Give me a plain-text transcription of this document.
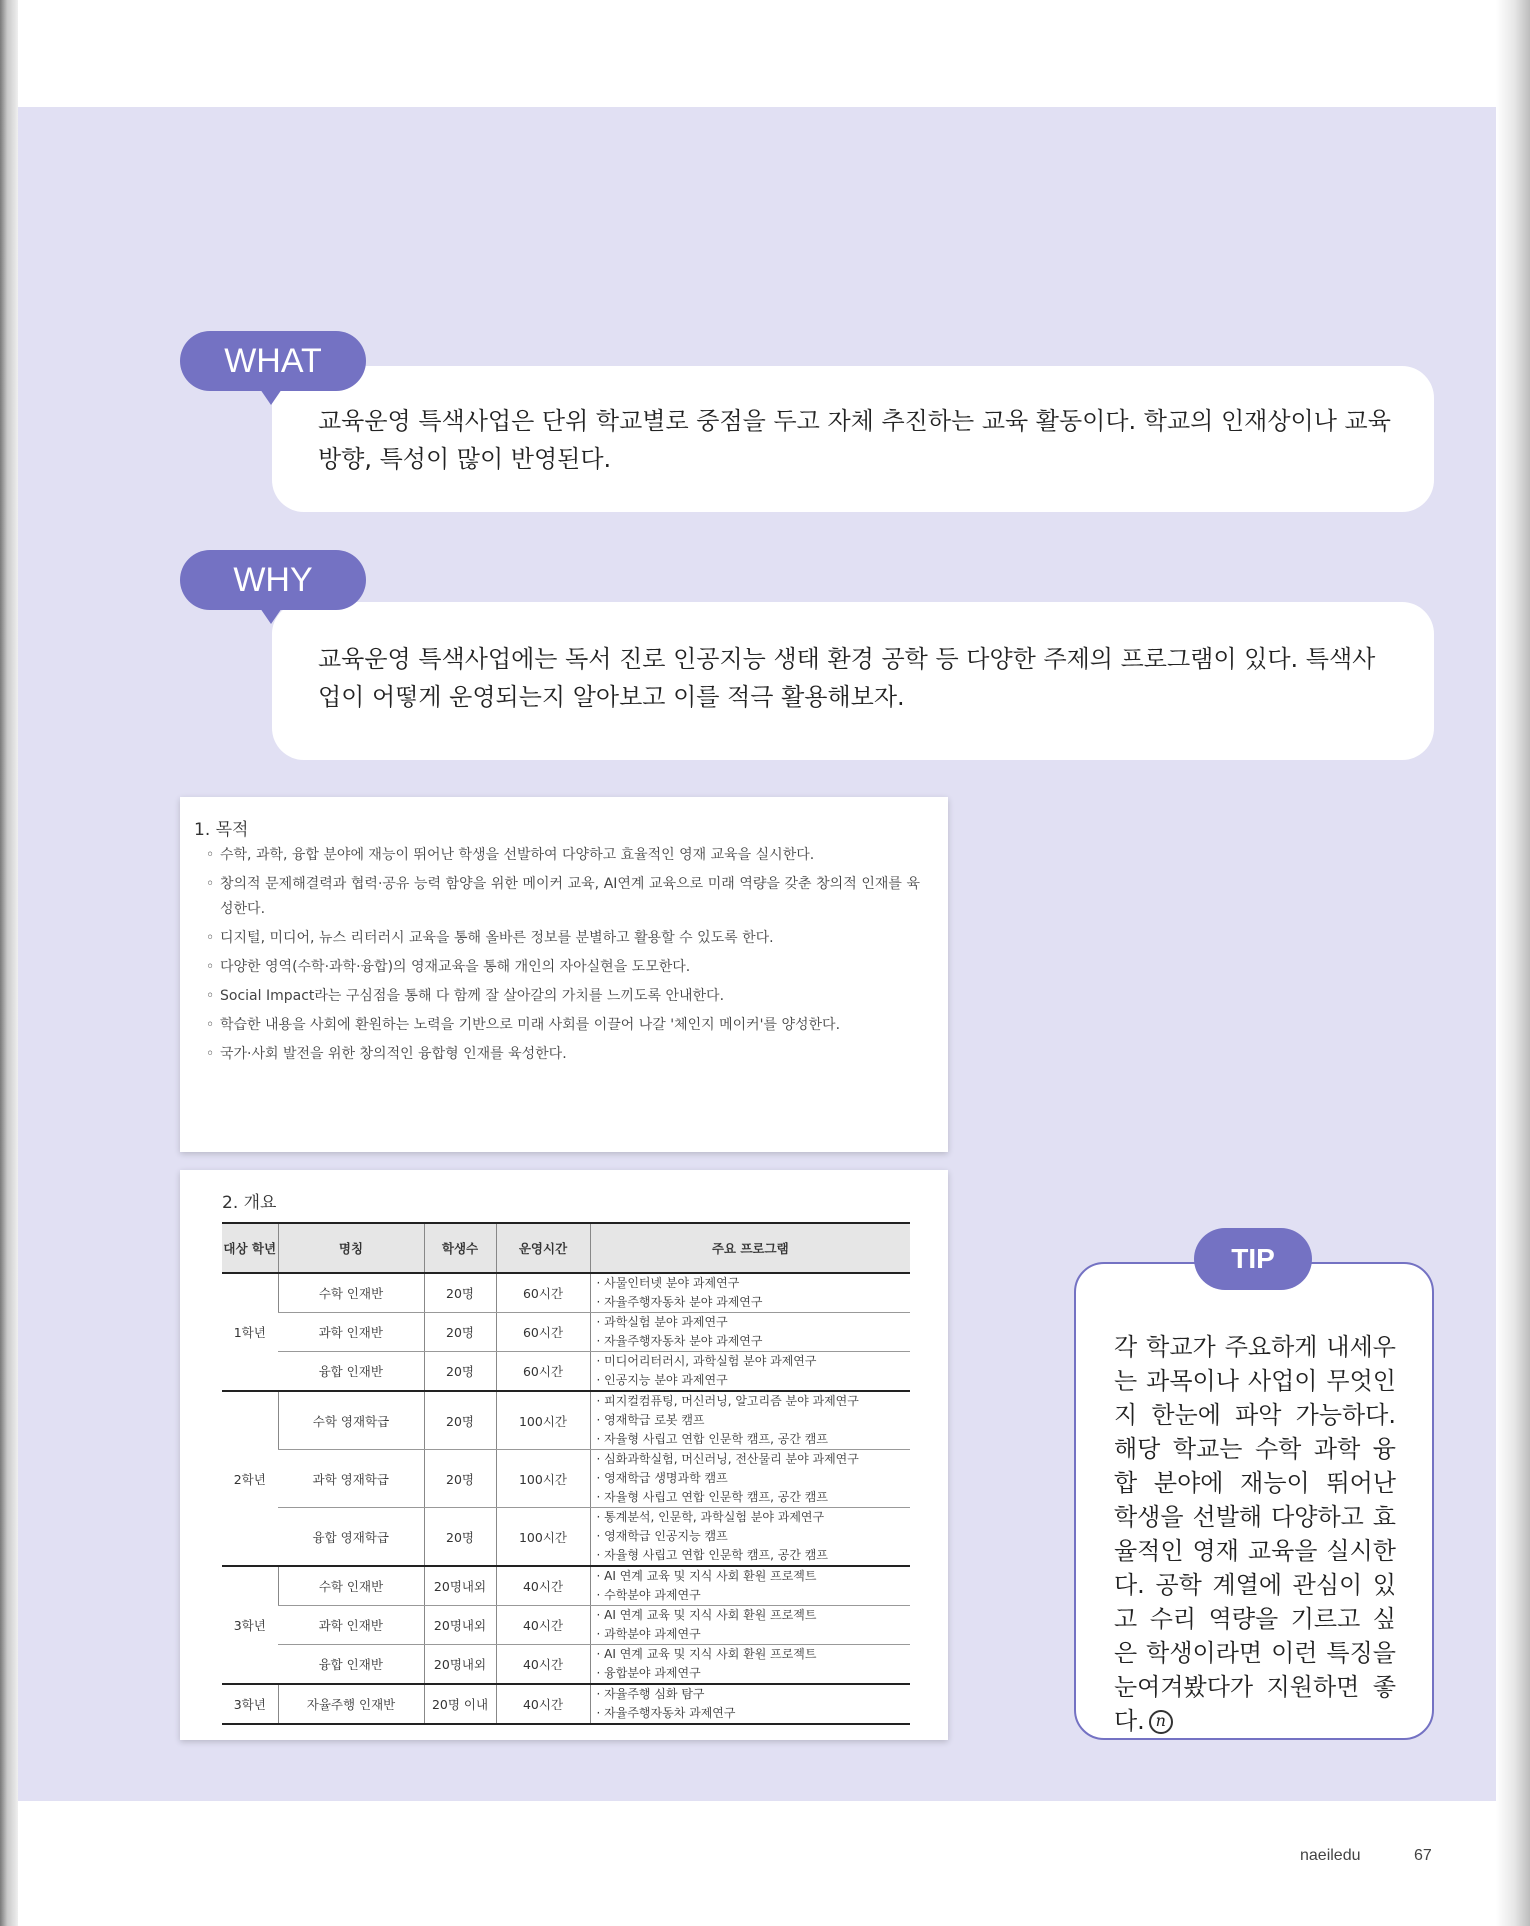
WHAT

교육운영 특색사업은 단위 학교별로 중점을 두고 자체 추진하는 교육 활동이다. 학교의 인재상이나 교육 방향, 특성이 많이 반영된다.

WHY

교육운영 특색사업에는 독서 진로 인공지능 생태 환경 공학 등 다양한 주제의 프로그램이 있다. 특색사업이 어떻게 운영되는지 알아보고 이를 적극 활용해보자.

1. 목적
◦ 수학, 과학, 융합 분야에 재능이 뛰어난 학생을 선발하여 다양하고 효율적인 영재 교육을 실시한다.
◦ 창의적 문제해결력과 협력·공유 능력 함양을 위한 메이커 교육, AI연계 교육으로 미래 역량을 갖춘 창의적 인재를 육성한다.
◦ 디지털, 미디어, 뉴스 리터러시 교육을 통해 올바른 정보를 분별하고 활용할 수 있도록 한다.
◦ 다양한 영역(수학·과학·융합)의 영재교육을 통해 개인의 자아실현을 도모한다.
◦ Social Impact라는 구심점을 통해 다 함께 잘 살아갈의 가치를 느끼도록 안내한다.
◦ 학습한 내용을 사회에 환원하는 노력을 기반으로 미래 사회를 이끌어 나갈 '체인지 메이커'를 양성한다.
◦ 국가·사회 발전을 위한 창의적인 융합형 인재를 육성한다.
2. 개요
대상 학년	명칭	학생수	운영시간	주요 프로그램
1학년	수학 인재반	20명	60시간	· 사물인터넷 분야 과제연구
· 자율주행자동차 분야 과제연구

	과학 인재반	20명	60시간	· 과학실험 분야 과제연구
· 자율주행자동차 분야 과제연구

	융합 인재반	20명	60시간	· 미디어리터러시, 과학실험 분야 과제연구
· 인공지능 분야 과제연구

2학년	수학 영재학급	20명	100시간	· 피지컬컴퓨팅, 머신러닝, 알고리즘 분야 과제연구
· 영재학급 로봇 캠프
· 자율형 사립고 연합 인문학 캠프, 공간 캠프

	과학 영재학급	20명	100시간	· 심화과학실험, 머신러닝, 전산물리 분야 과제연구
· 영재학급 생명과학 캠프
· 자율형 사립고 연합 인문학 캠프, 공간 캠프

	융합 영재학급	20명	100시간	· 통계분석, 인문학, 과학실험 분야 과제연구
· 영재학급 인공지능 캠프
· 자율형 사립고 연합 인문학 캠프, 공간 캠프

3학년	수학 인재반	20명내외	40시간	· AI 연계 교육 및 지식 사회 환원 프로젝트
· 수학분야 과제연구

	과학 인재반	20명내외	40시간	· AI 연계 교육 및 지식 사회 환원 프로젝트
· 과학분야 과제연구

	융합 인재반	20명내외	40시간	· AI 연계 교육 및 지식 사회 환원 프로젝트
· 융합분야 과제연구

3학년	자율주행 인재반	20명 이내	40시간	· 자율주행 심화 탐구
· 자율주행자동차 과제연구
TIP

각 학교가 주요하게 내세우는 과목이나 사업이 무엇인지 한눈에 파악 가능하다. 해당 학교는 수학 과학 융합 분야에 재능이 뛰어난 학생을 선발해 다양하고 효율적인 영재 교육을 실시한다. 공학 계열에 관심이 있고 수리 역량을 기르고 싶은 학생이라면 이런 특징을 눈여겨봤다가 지원하면 좋다. n

naeiledu	67
